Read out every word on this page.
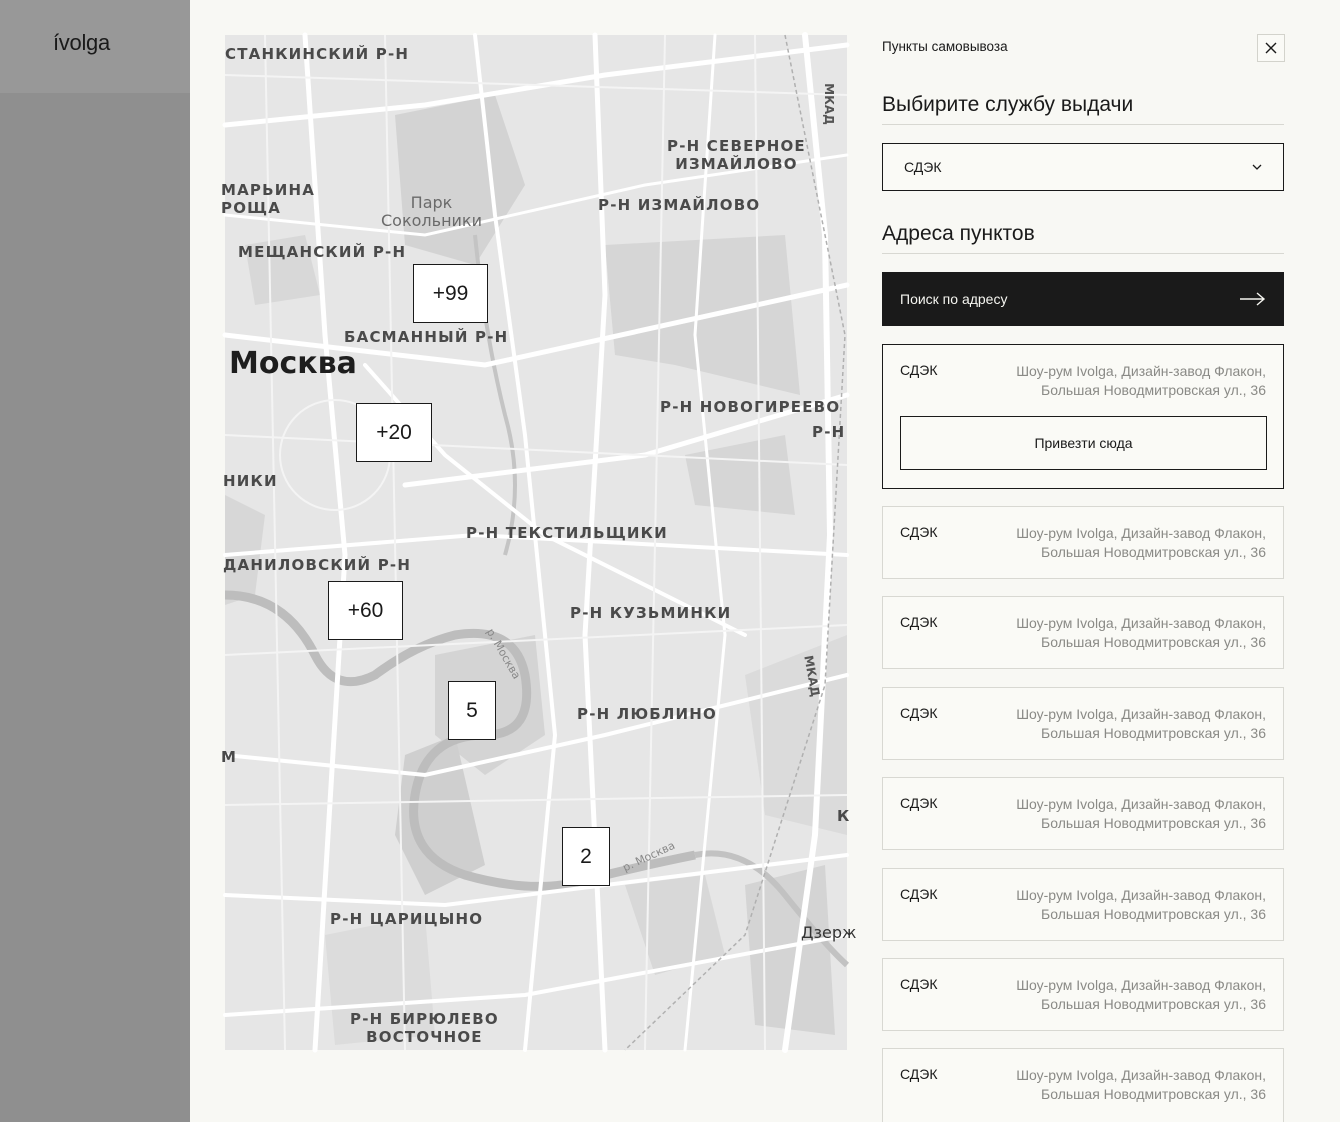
ívolga	СТАНКИНСКИЙ Р-Н
Р-Н СЕВЕРНОЕ
ИЗМАЙЛОВО
МАРЬИНА
РОЩА	Парк
Сокольники
Р-Н ИЗМАЙЛОВО
МЕЩАНСКИЙ Р-Н
БАСМАННЫЙ Р-Н
Москва
Р-Н НОВОГИРЕЕВО
Р-Н
НИКИ
Р-Н ТЕКСТИЛЬЩИКИ
ДАНИЛОВСКИЙ Р-Н
Р-Н КУЗЬМИНКИ
Р-Н ЛЮБЛИНО
М
К
Р-Н ЦАРИЦЫНО
Дзерж
Р-Н БИРЮЛЕВО
ВОСТОЧНОЕ
МКАД
МКАД
р. Москва
р. Москва
+99
+20
+60
5
2
Пункты самовывоза
Выбирите службу выдачи
СДЭК
Адреса пунктов
Поиск по адресу
СДЭК	Шоу-рум Ivolga, Дизайн-завод Флакон, Большая Новодмитровская ул., 36
Привезти сюда
СДЭК	Шоу-рум Ivolga, Дизайн-завод Флакон, Большая Новодмитровская ул., 36
СДЭК	Шоу-рум Ivolga, Дизайн-завод Флакон, Большая Новодмитровская ул., 36
СДЭК	Шоу-рум Ivolga, Дизайн-завод Флакон, Большая Новодмитровская ул., 36
СДЭК	Шоу-рум Ivolga, Дизайн-завод Флакон, Большая Новодмитровская ул., 36
СДЭК	Шоу-рум Ivolga, Дизайн-завод Флакон, Большая Новодмитровская ул., 36
СДЭК	Шоу-рум Ivolga, Дизайн-завод Флакон, Большая Новодмитровская ул., 36
СДЭК	Шоу-рум Ivolga, Дизайн-завод Флакон, Большая Новодмитровская ул., 36
